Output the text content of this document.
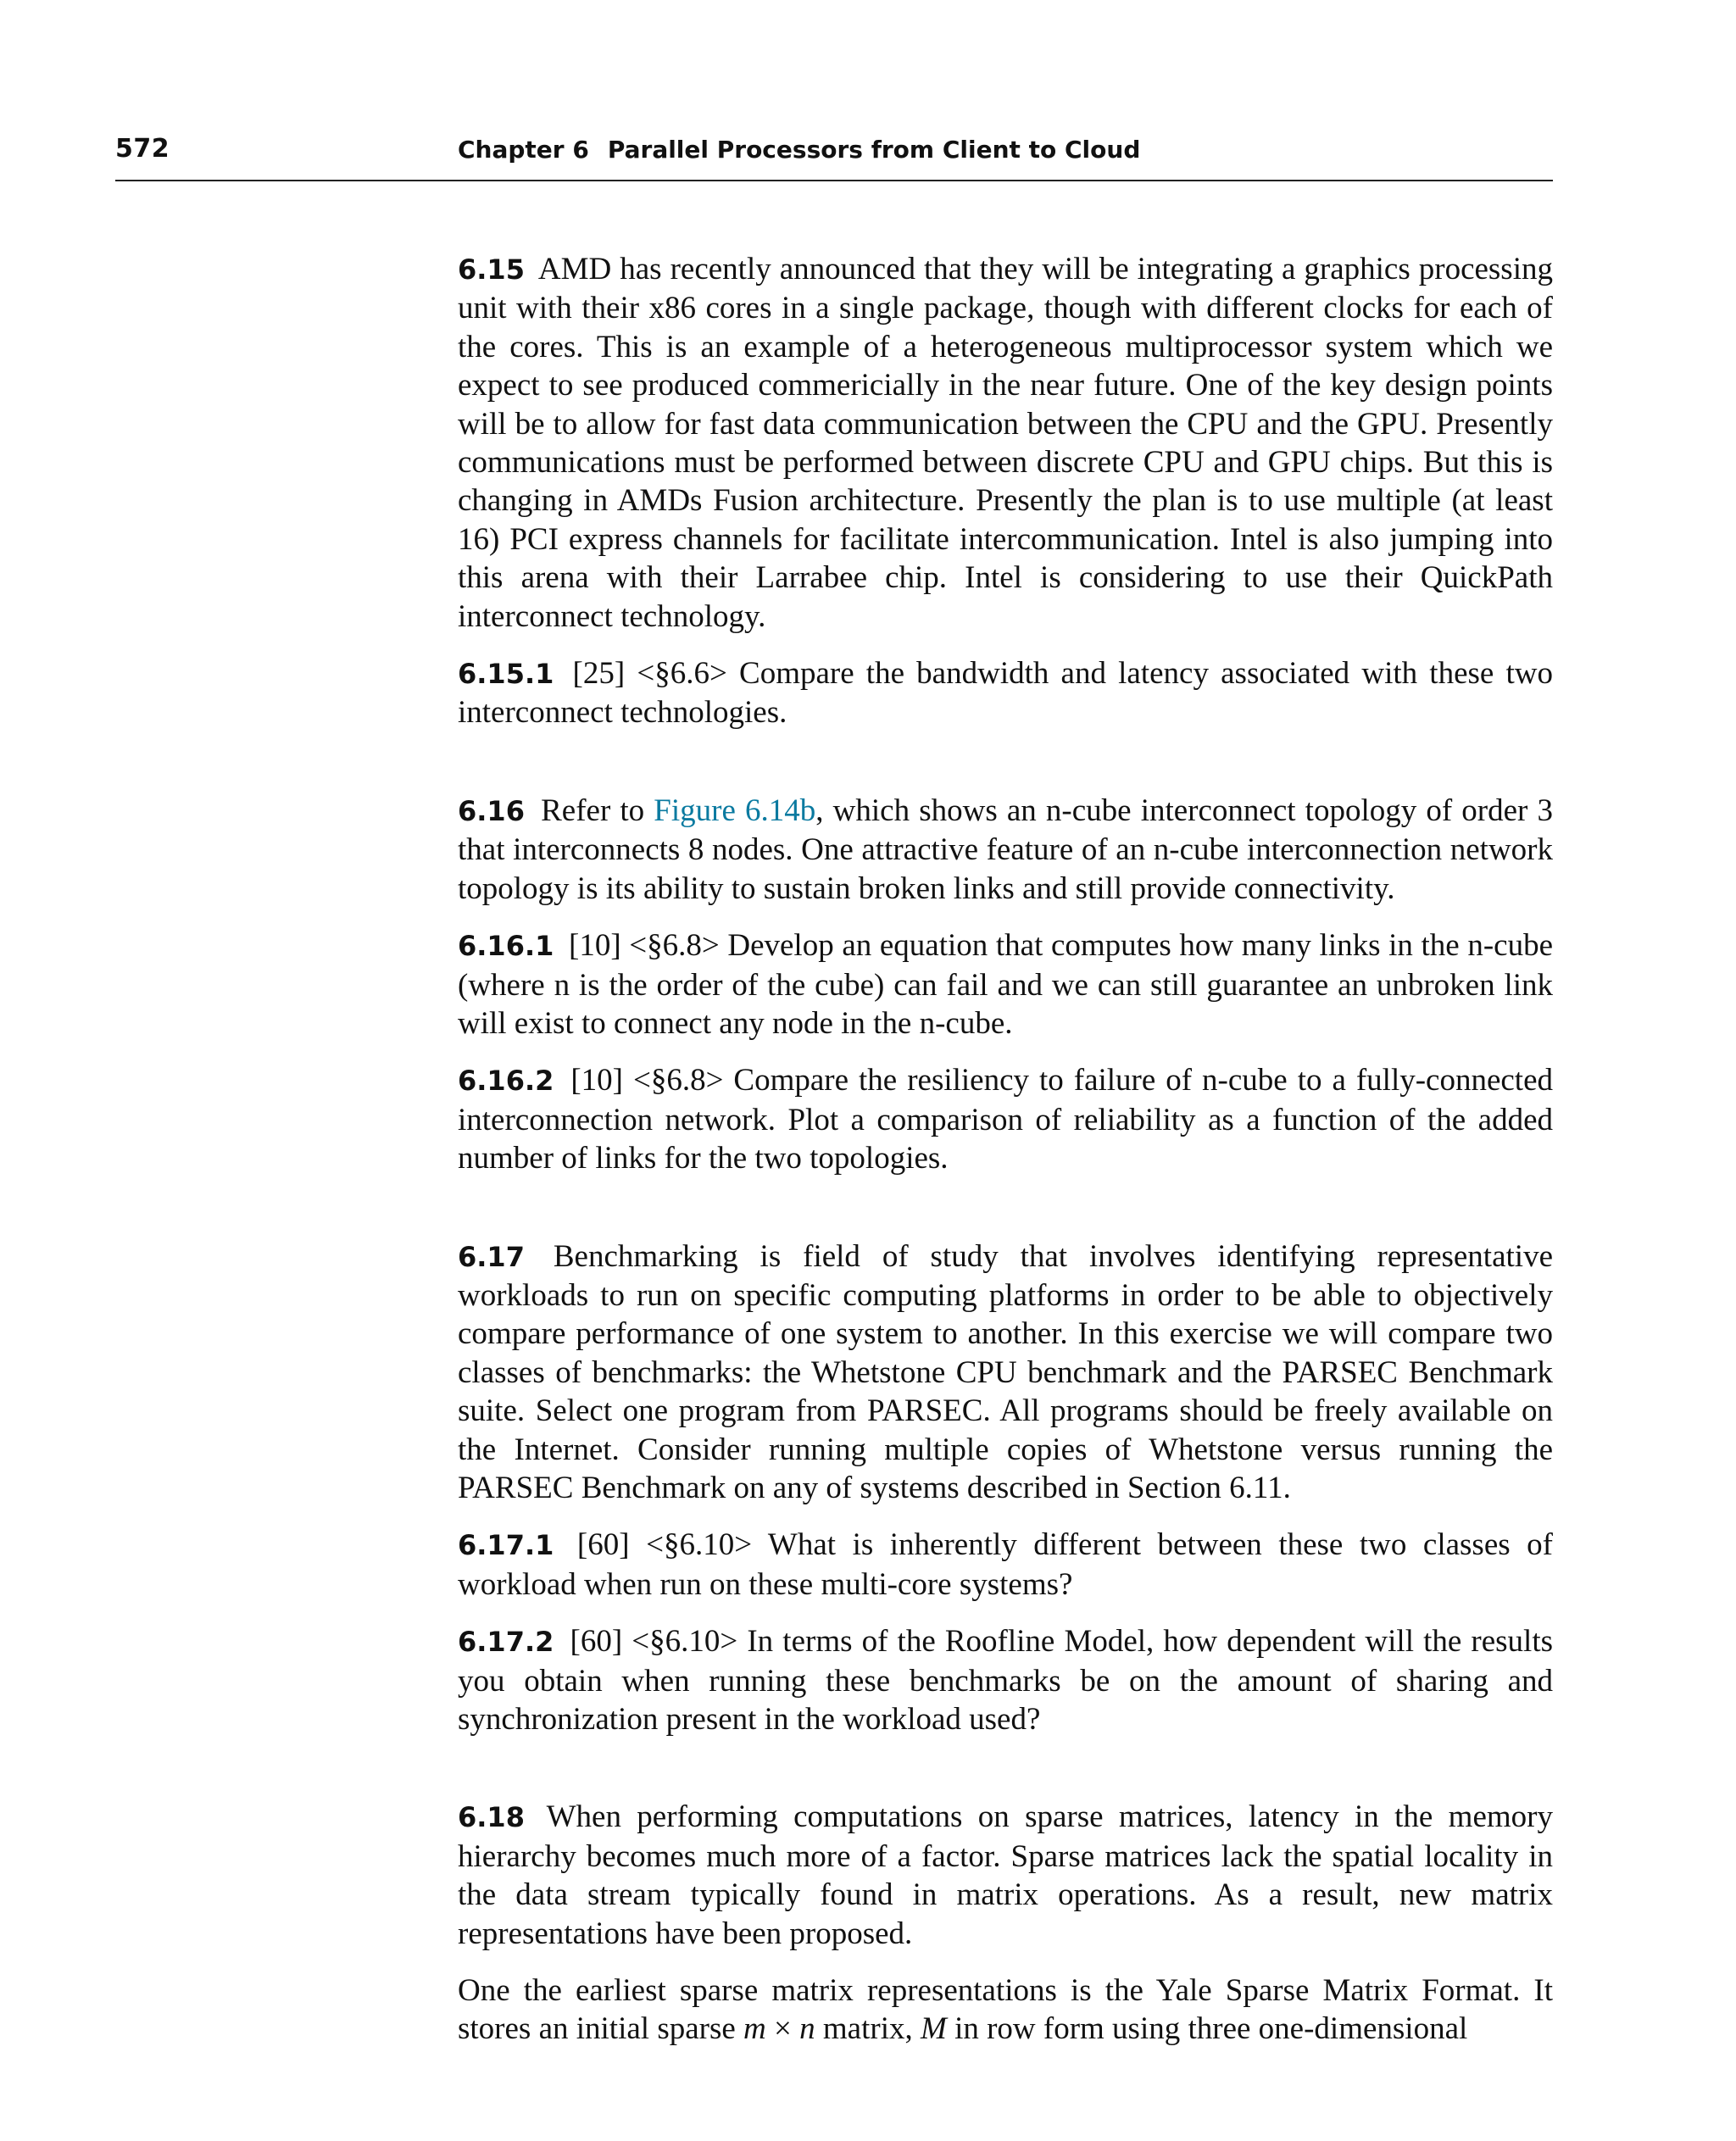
572	Chapter 6 Parallel Processors from Client to Cloud

6.15 AMD has recently announced that they will be integrating a graphics processing unit with their x86 cores in a single package, though with different clocks for each of the cores. This is an example of a heterogeneous multiprocessor system which we expect to see produced commericially in the near future. One of the key design points will be to allow for fast data communication between the CPU and the GPU. Presently communications must be performed between discrete CPU and GPU chips. But this is changing in AMDs Fusion architecture. Presently the plan is to use multiple (at least 16) PCI express channels for facilitate intercommunication. Intel is also jumping into this arena with their Larrabee chip. Intel is considering to use their QuickPath interconnect technology.

6.15.1 [25] <§6.6> Compare the bandwidth and latency associated with these two interconnect technologies.

6.16 Refer to Figure 6.14b, which shows an n-cube interconnect topology of order 3 that interconnects 8 nodes. One attractive feature of an n-cube interconnection network topology is its ability to sustain broken links and still provide connectivity.

6.16.1 [10] <§6.8> Develop an equation that computes how many links in the n-cube (where n is the order of the cube) can fail and we can still guarantee an unbroken link will exist to connect any node in the n-cube.

6.16.2 [10] <§6.8> Compare the resiliency to failure of n-cube to a fully-connected interconnection network. Plot a comparison of reliability as a function of the added number of links for the two topologies.

6.17 Benchmarking is field of study that involves identifying representative workloads to run on specific computing platforms in order to be able to objectively compare performance of one system to another. In this exercise we will compare two classes of benchmarks: the Whetstone CPU benchmark and the PARSEC Benchmark suite. Select one program from PARSEC. All programs should be freely available on the Internet. Consider running multiple copies of Whetstone versus running the PARSEC Benchmark on any of systems described in Section 6.11.

6.17.1 [60] <§6.10> What is inherently different between these two classes of workload when run on these multi-core systems?

6.17.2 [60] <§6.10> In terms of the Roofline Model, how dependent will the results you obtain when running these benchmarks be on the amount of sharing and synchronization present in the workload used?

6.18 When performing computations on sparse matrices, latency in the memory hierarchy becomes much more of a factor. Sparse matrices lack the spatial locality in the data stream typically found in matrix operations. As a result, new matrix representations have been proposed.

One the earliest sparse matrix representations is the Yale Sparse Matrix Format. It stores an initial sparse m × n matrix, M in row form using three one-dimensional
